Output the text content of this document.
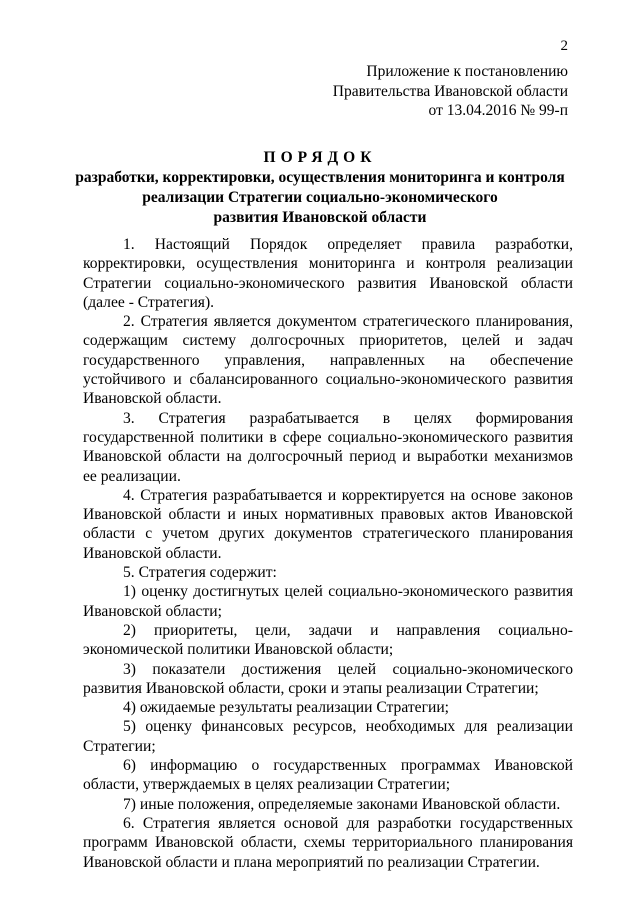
2
Приложение к постановлению
Правительства Ивановской области
от 13.04.2016 № 99-п
ПОРЯДОК
разработки, корректировки, осуществления мониторинга и контроля
реализации Стратегии социально-экономического
развития Ивановской области

1. Настоящий Порядок определяет правила разработки, корректировки, осуществления мониторинга и контроля реализации Стратегии социально-экономического развития Ивановской области (далее - Стратегия).

2. Стратегия является документом стратегического планирования, содержащим систему долгосрочных приоритетов, целей и задач государственного управления, направленных на обеспечение устойчивого и сбалансированного социально-экономического развития Ивановской области.

3. Стратегия разрабатывается в целях формирования государственной политики в сфере социально-экономического развития Ивановской области на долгосрочный период и выработки механизмов ее реализации.

4. Стратегия разрабатывается и корректируется на основе законов Ивановской области и иных нормативных правовых актов Ивановской области с учетом других документов стратегического планирования Ивановской области.

5. Стратегия содержит:

1) оценку достигнутых целей социально-экономического развития Ивановской области;

2) приоритеты, цели, задачи и направления социально-экономической политики Ивановской области;

3) показатели достижения целей социально-экономического развития Ивановской области, сроки и этапы реализации Стратегии;

4) ожидаемые результаты реализации Стратегии;

5) оценку финансовых ресурсов, необходимых для реализации Стратегии;

6) информацию о государственных программах Ивановской области, утверждаемых в целях реализации Стратегии;

7) иные положения, определяемые законами Ивановской области.

6. Стратегия является основой для разработки государственных программ Ивановской области, схемы территориального планирования Ивановской области и плана мероприятий по реализации Стратегии.
